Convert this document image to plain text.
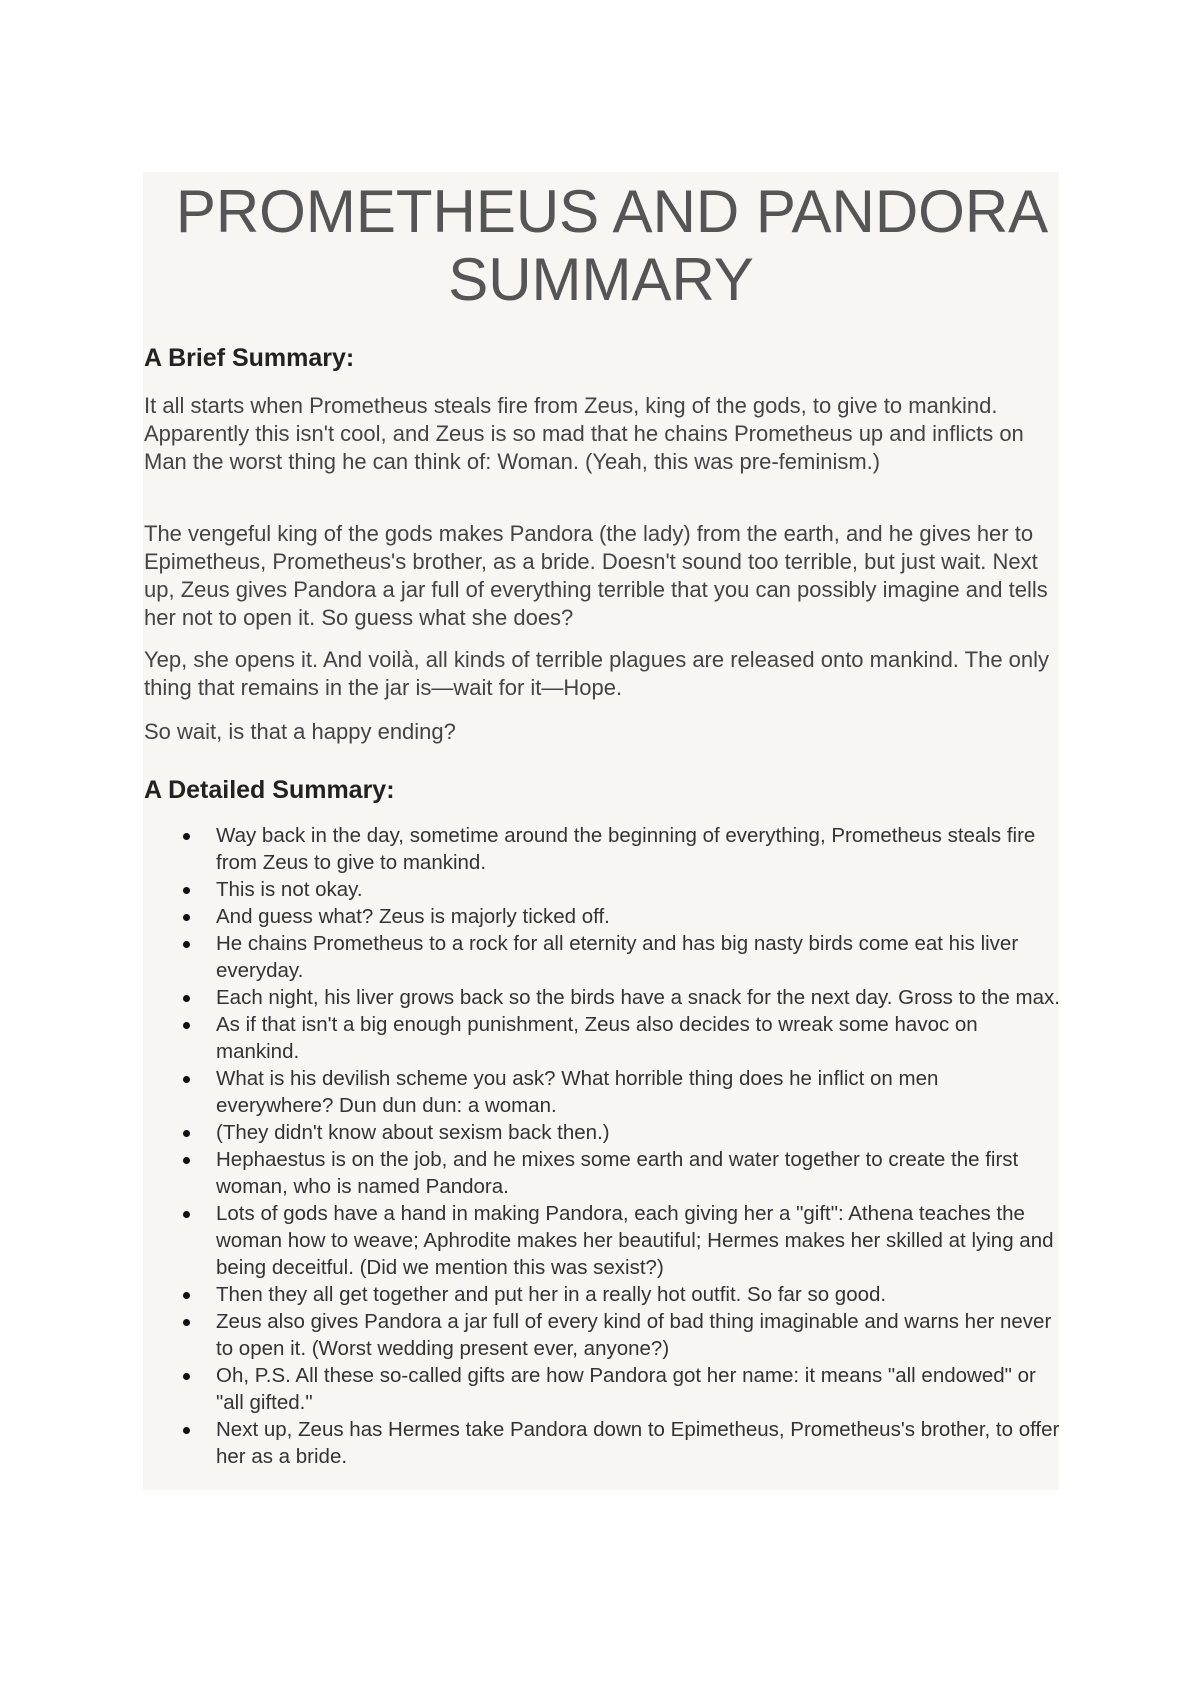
PROMETHEUS AND PANDORA
SUMMARY
A Brief Summary:

It all starts when Prometheus steals fire from Zeus, king of the gods, to give to mankind. Apparently this isn't cool, and Zeus is so mad that he chains Prometheus up and inflicts on Man the worst thing he can think of: Woman. (Yeah, this was pre-feminism.)

The vengeful king of the gods makes Pandora (the lady) from the earth, and he gives her to Epimetheus, Prometheus's brother, as a bride. Doesn't sound too terrible, but just wait. Next up, Zeus gives Pandora a jar full of everything terrible that you can possibly imagine and tells her not to open it. So guess what she does?

Yep, she opens it. And voilà, all kinds of terrible plagues are released onto mankind. The only thing that remains in the jar is—wait for it—Hope.

So wait, is that a happy ending?

A Detailed Summary:
Way back in the day, sometime around the beginning of everything, Prometheus steals fire from Zeus to give to mankind.
This is not okay.
And guess what? Zeus is majorly ticked off.
He chains Prometheus to a rock for all eternity and has big nasty birds come eat his liver everyday.
Each night, his liver grows back so the birds have a snack for the next day. Gross to the max.
As if that isn't a big enough punishment, Zeus also decides to wreak some havoc on mankind.
What is his devilish scheme you ask? What horrible thing does he inflict on men everywhere? Dun dun dun: a woman.
(They didn't know about sexism back then.)
Hephaestus is on the job, and he mixes some earth and water together to create the first woman, who is named Pandora.
Lots of gods have a hand in making Pandora, each giving her a "gift": Athena teaches the woman how to weave; Aphrodite makes her beautiful; Hermes makes her skilled at lying and being deceitful. (Did we mention this was sexist?)
Then they all get together and put her in a really hot outfit. So far so good.
Zeus also gives Pandora a jar full of every kind of bad thing imaginable and warns her never to open it. (Worst wedding present ever, anyone?)
Oh, P.S. All these so-called gifts are how Pandora got her name: it means "all endowed" or "all gifted."
Next up, Zeus has Hermes take Pandora down to Epimetheus, Prometheus's brother, to offer her as a bride.
